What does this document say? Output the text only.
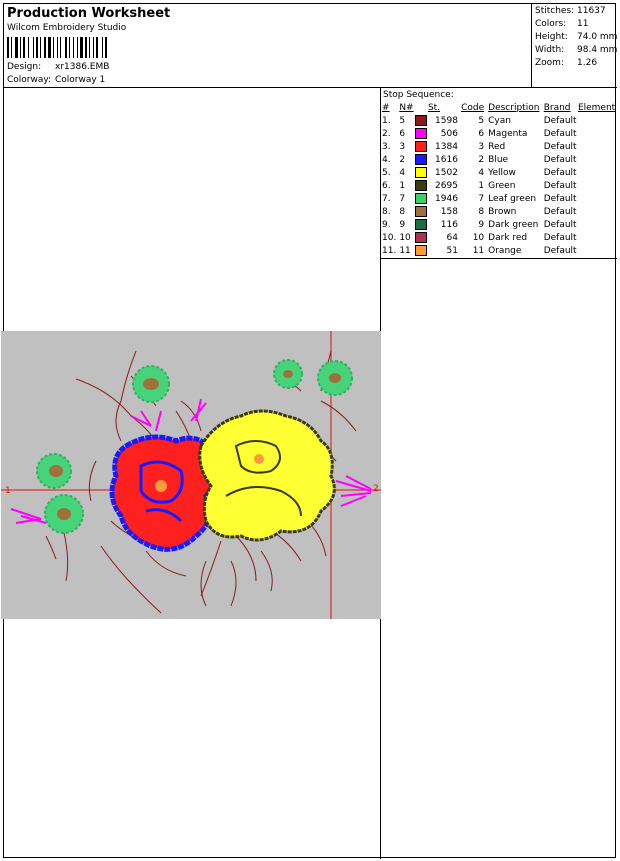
Production Worksheet
Wilcom Embroidery Studio
Design: xr1386.EMB
Colorway: Colorway 1
Stitches: 11637
Colors: 11
Height: 74.0 mm
Width: 98.4 mm
Zoom: 1.26
1	2
Stop Sequence:
#	N#		St.	Code	Description	Brand	Element
1.	5		1598	5	Cyan	Default	
2.	6		506	6	Magenta	Default	
3.	3		1384	3	Red	Default	
4.	2		1616	2	Blue	Default	
5.	4		1502	4	Yellow	Default	
6.	1		2695	1	Green	Default	
7.	7		1946	7	Leaf green	Default	
8.	8		158	8	Brown	Default	
9.	9		116	9	Dark green	Default	
10.	10		64	10	Dark red	Default	
11.	11		51	11	Orange	Default	
